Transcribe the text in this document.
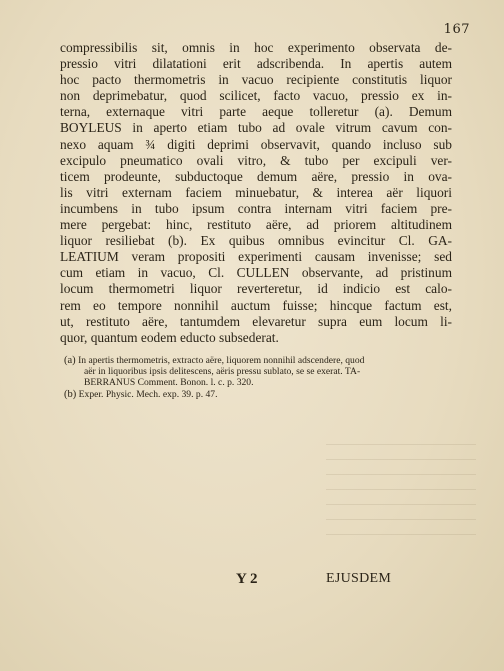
167
compressibilis sit, omnis in hoc experimento observata de-
pressio vitri dilatationi erit adscribenda. In apertis autem
hoc pacto thermometris in vacuo recipiente constitutis liquor
non deprimebatur, quod scilicet, facto vacuo, pressio ex in-
terna, externaque vitri parte aeque tolleretur (a). Demum
BOYLEUS in aperto etiam tubo ad ovale vitrum cavum con-
nexo aquam ¾ digiti deprimi observavit, quando incluso sub
excipulo pneumatico ovali vitro, & tubo per excipuli ver-
ticem prodeunte, subductoque demum aëre, pressio in ova-
lis vitri externam faciem minuebatur, & interea aër liquori
incumbens in tubo ipsum contra internam vitri faciem pre-
mere pergebat: hinc, restituto aëre, ad priorem altitudinem
liquor resiliebat (b). Ex quibus omnibus evincitur Cl. GA-
LEATIUM veram propositi experimenti causam invenisse; sed
cum etiam in vacuo, Cl. CULLEN observante, ad pristinum
locum thermometri liquor reverteretur, id indicio est calo-
rem eo tempore nonnihil auctum fuisse; hincque factum est,
ut, restituto aëre, tantumdem elevaretur supra eum locum li-
quor, quantum eodem educto subsederat.
(a) In apertis thermometris, extracto aëre, liquorem nonnihil adscendere, quod
aër in liquoribus ipsis delitescens, aëris pressu sublato, se se exerat. TA-
BERRANUS Comment. Bonon. l. c. p. 320.
(b) Exper. Physic. Mech. exp. 39. p. 47.
Y 2	EJUSDEM
